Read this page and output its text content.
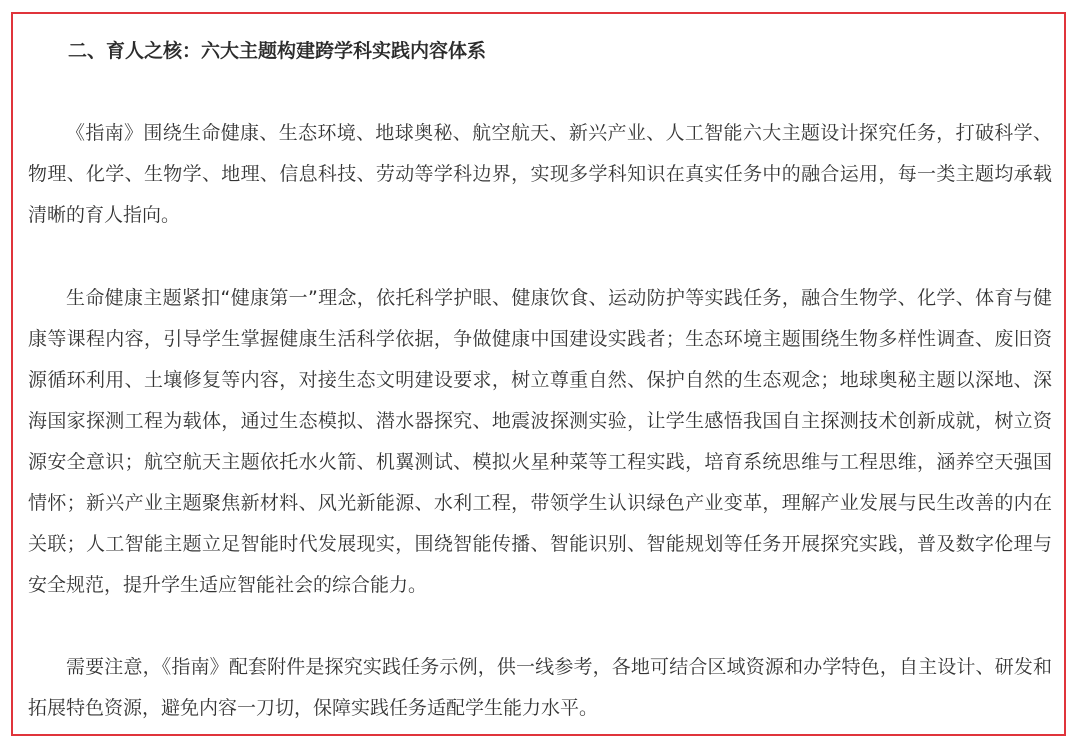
二、育人之核：六大主题构建跨学科实践内容体系

《指南》围绕生命健康、生态环境、地球奥秘、航空航天、新兴产业、人工智能六大主题设计探究任务，打破科学、物理、化学、生物学、地理、信息科技、劳动等学科边界，实现多学科知识在真实任务中的融合运用，每一类主题均承载清晰的育人指向。

生命健康主题紧扣“健康第一”理念，依托科学护眼、健康饮食、运动防护等实践任务，融合生物学、化学、体育与健康等课程内容，引导学生掌握健康生活科学依据，争做健康中国建设实践者；生态环境主题围绕生物多样性调查、废旧资源循环利用、土壤修复等内容，对接生态文明建设要求，树立尊重自然、保护自然的生态观念；地球奥秘主题以深地、深海国家探测工程为载体，通过生态模拟、潜水器探究、地震波探测实验，让学生感悟我国自主探测技术创新成就，树立资源安全意识；航空航天主题依托水火箭、机翼测试、模拟火星种菜等工程实践，培育系统思维与工程思维，涵养空天强国情怀；新兴产业主题聚焦新材料、风光新能源、水利工程，带领学生认识绿色产业变革，理解产业发展与民生改善的内在关联；人工智能主题立足智能时代发展现实，围绕智能传播、智能识别、智能规划等任务开展探究实践，普及数字伦理与安全规范，提升学生适应智能社会的综合能力。

需要注意，《指南》配套附件是探究实践任务示例，供一线参考，各地可结合区域资源和办学特色，自主设计、研发和拓展特色资源，避免内容一刀切，保障实践任务适配学生能力水平。
